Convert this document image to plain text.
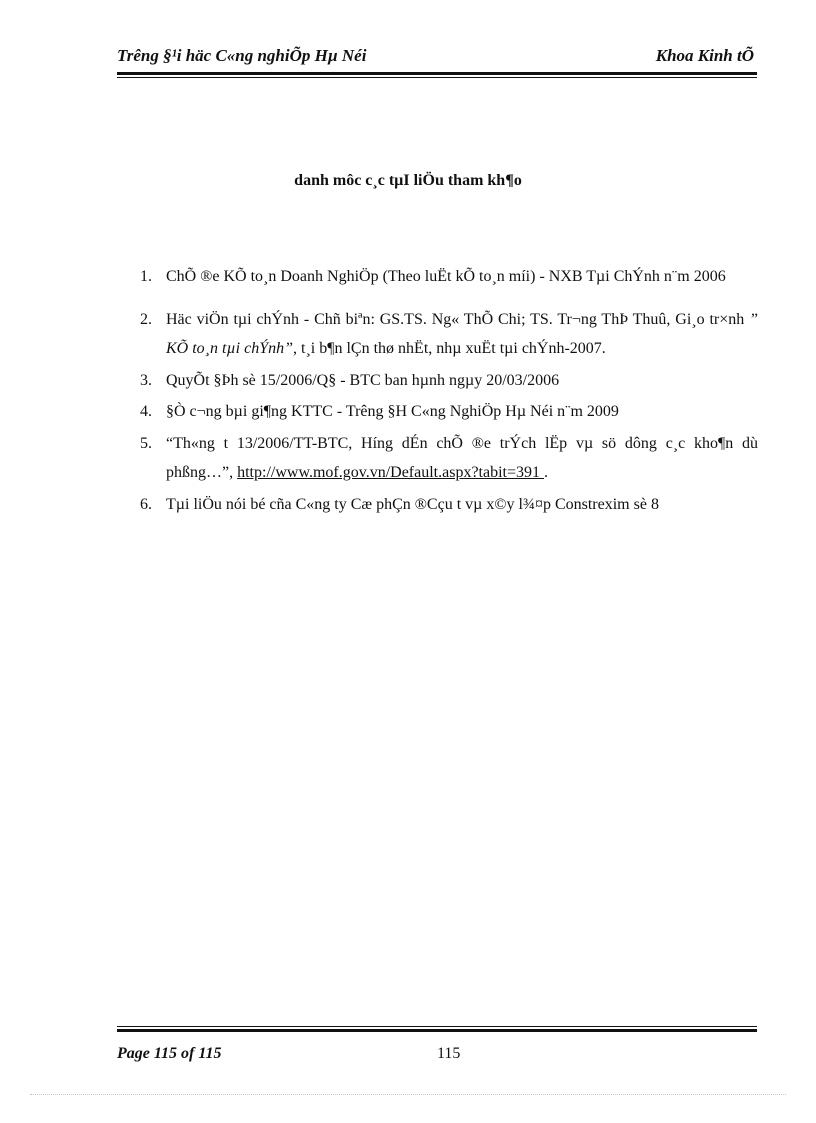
Trêng §¹i häc C«ng nghiÕp Hµ Néi	Khoa Kinh tÕ
danh môc c¸c tµI liÖu tham kh¶o
1. ChÕ ®e KÕ to¸n Doanh NghiÖp (Theo luËt kÕ to¸n míi) - NXB Tµi ChÝnh n¨m 2006
2. Häc viÖn tµi chÝnh - Chñ biªn: GS.TS. Ng« ThÕ Chi; TS. Tr¬ng ThÞ Thuû, Gi¸o tr×nh ” KÕ to¸n tµi chÝnh”, t¸i b¶n lÇn thø nhËt, nhµ xuËt tµi chÝnh-2007.
3. QuyÕt §Þh sè 15/2006/Q§ - BTC ban hµnh ngµy 20/03/2006
4. §Ò c¬ng bµi gi¶ng KTTC - Trêng §H C«ng NghiÖp Hµ Néi n¨m 2009
5. “Th«ng t 13/2006/TT-BTC, Híng dÉn chÕ ®e trÝch lËp vµ sö dông c¸c kho¶n dù phßng…”, http://www.mof.gov.vn/Default.aspx?tabit=391 .
6. Tµi liÖu nói bé cña C«ng ty Cæ phÇn ®Cçu t vµ x©y l¾¤p Constrexim sè 8
Page 115 of 115	115
